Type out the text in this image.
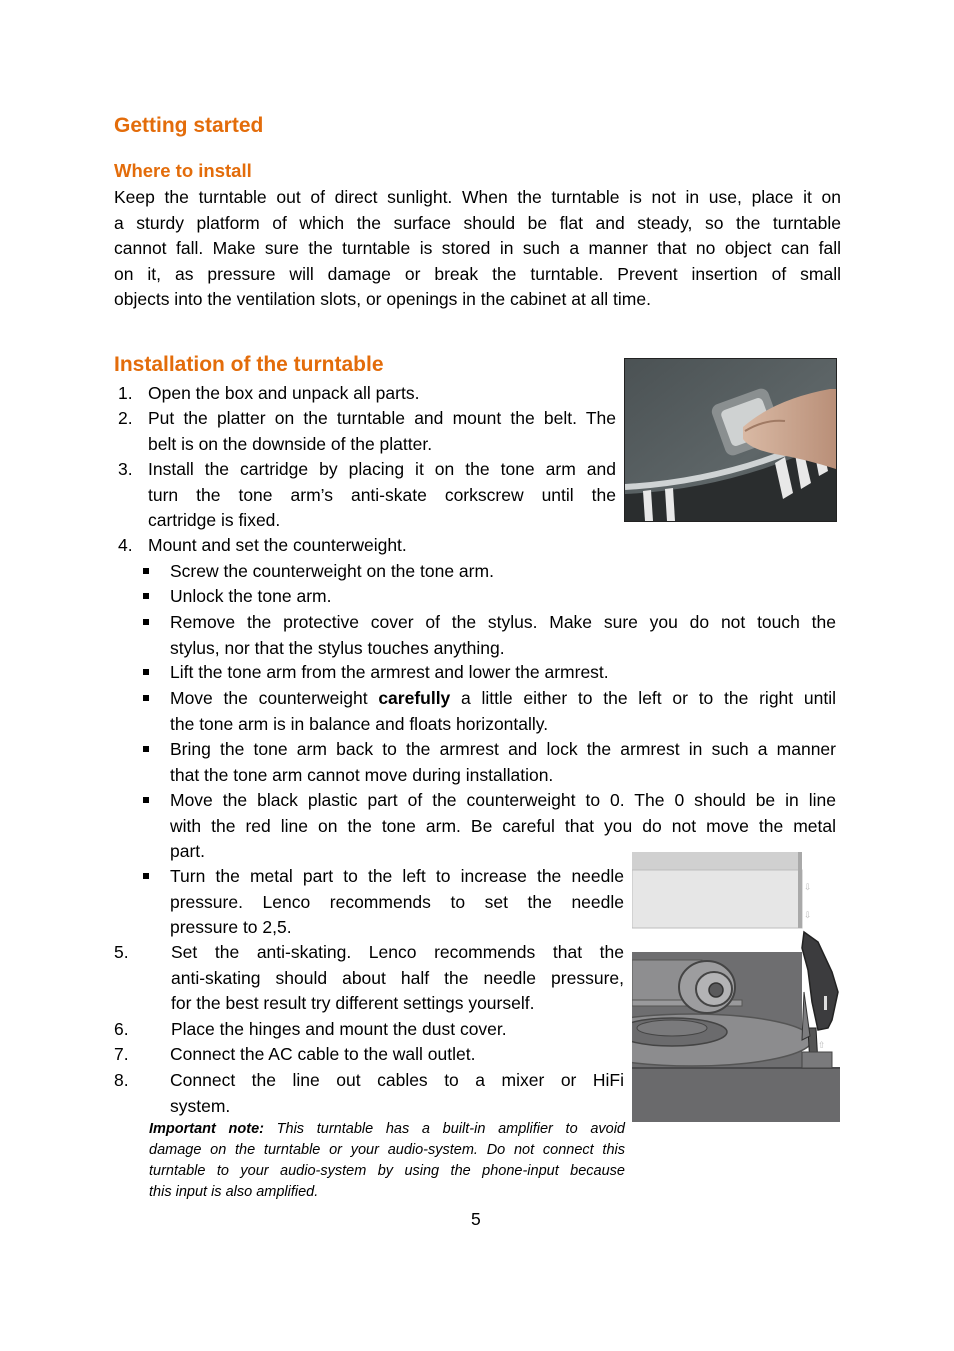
Getting started
Where to install
Keep the turntable out of direct sunlight. When the turntable is not in use, place it on
a sturdy platform of which the surface should be flat and steady, so the turntable
cannot fall. Make sure the turntable is stored in such a manner that no object can fall
on it, as pressure will damage or break the turntable. Prevent insertion of small
objects into the ventilation slots, or openings in the cabinet at all time.
Installation of the turntable
1. Open the box and unpack all parts.
2. Put the platter on the turntable and mount the belt. The
belt is on the downside of the platter.
3. Install the cartridge by placing it on the tone arm and
turn the tone arm’s anti-skate corkscrew until the
cartridge is fixed.
4. Mount and set the counterweight.
Screw the counterweight on the tone arm.
Unlock the tone arm.
Remove the protective cover of the stylus. Make sure you do not touch the
stylus, nor that the stylus touches anything.
Lift the tone arm from the armrest and lower the armrest.
Move the counterweight carefully a little either to the left or to the right until
the tone arm is in balance and floats horizontally.
Bring the tone arm back to the armrest and lock the armrest in such a manner
that the tone arm cannot move during installation.
Move the black plastic part of the counterweight to 0. The 0 should be in line
with the red line on the tone arm. Be careful that you do not move the metal
part.
Turn the metal part to the left to increase the needle
pressure. Lenco recommends to set the needle
pressure to 2,5.
5. Set the anti-skating. Lenco recommends that the
anti-skating should about half the needle pressure,
for the best result try different settings yourself.
6. Place the hinges and mount the dust cover.
7. Connect the AC cable to the wall outlet.
8. Connect the line out cables to a mixer or HiFi
system.
Important note: This turntable has a built-in amplifier to avoid
damage on the turntable or your audio-system. Do not connect this
turntable to your audio-system by using the phone-input because
this input is also amplified.
⇩
⇩
⇧
5
